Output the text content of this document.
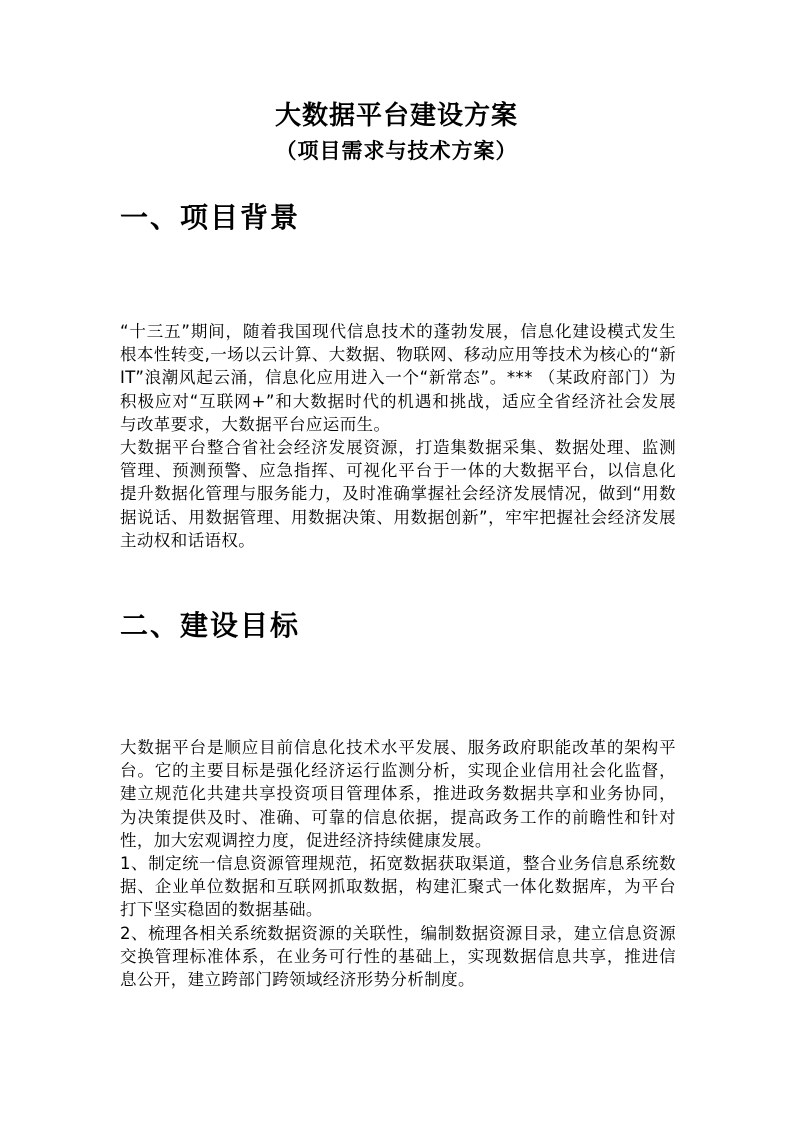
大数据平台建设方案
（项目需求与技术方案）
一、项目背景

“十三五”期间，随着我国现代信息技术的蓬勃发展，信息化建设模式发生根本性转变,一场以云计算、大数据、物联网、移动应用等技术为核心的“新 IT”浪潮风起云涌，信息化应用进入一个“新常态”。*** （某政府部门）为积极应对“互联网+”和大数据时代的机遇和挑战，适应全省经济社会发展与改革要求，大数据平台应运而生。

大数据平台整合省社会经济发展资源，打造集数据采集、数据处理、监测管理、预测预警、应急指挥、可视化平台于一体的大数据平台，以信息化提升数据化管理与服务能力，及时准确掌握社会经济发展情况，做到“用数据说话、用数据管理、用数据决策、用数据创新”，牢牢把握社会经济发展主动权和话语权。

二、建设目标

大数据平台是顺应目前信息化技术水平发展、服务政府职能改革的架构平台。它的主要目标是强化经济运行监测分析，实现企业信用社会化监督，建立规范化共建共享投资项目管理体系，推进政务数据共享和业务协同，为决策提供及时、准确、可靠的信息依据，提高政务工作的前瞻性和针对性，加大宏观调控力度，促进经济持续健康发展。

1、制定统一信息资源管理规范，拓宽数据获取渠道，整合业务信息系统数据、企业单位数据和互联网抓取数据，构建汇聚式一体化数据库，为平台打下坚实稳固的数据基础。

2、梳理各相关系统数据资源的关联性，编制数据资源目录，建立信息资源交换管理标准体系，在业务可行性的基础上，实现数据信息共享，推进信息公开，建立跨部门跨领域经济形势分析制度。
